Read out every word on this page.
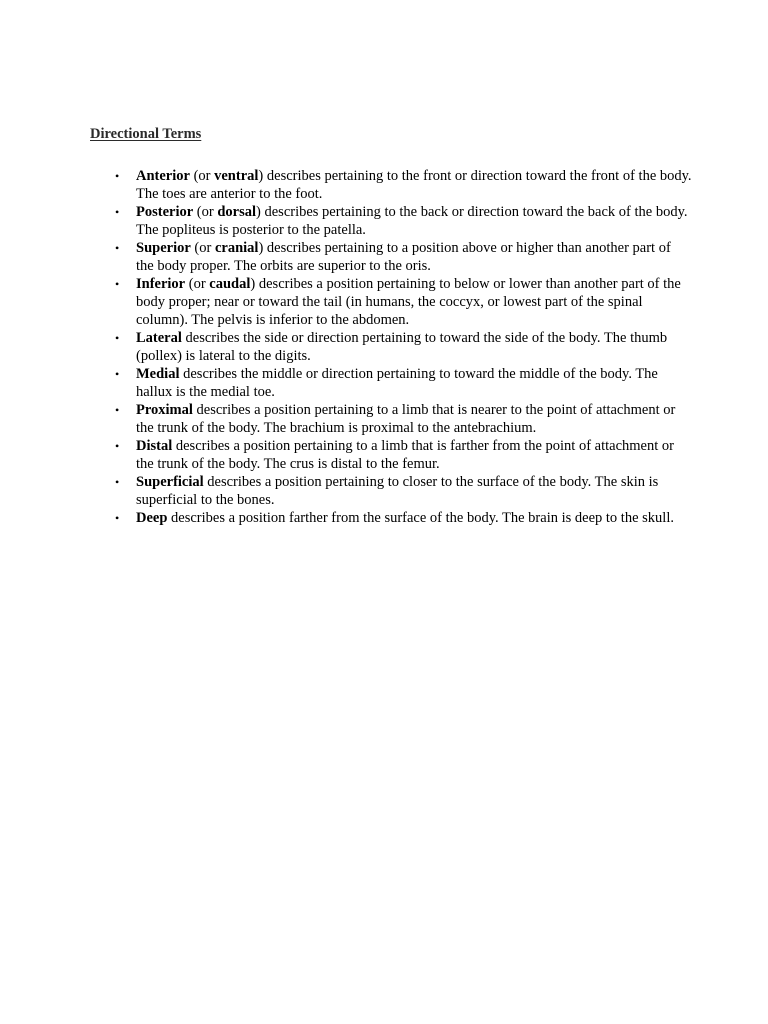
Directional Terms
• Anterior (or ventral) describes pertaining to the front or direction toward the front of the body. The toes are anterior to the foot.
• Posterior (or dorsal) describes pertaining to the back or direction toward the back of the body. The popliteus is posterior to the patella.
• Superior (or cranial) describes pertaining to a position above or higher than another part of the body proper. The orbits are superior to the oris.
• Inferior (or caudal) describes a position pertaining to below or lower than another part of the body proper; near or toward the tail (in humans, the coccyx, or lowest part of the spinal column). The pelvis is inferior to the abdomen.
• Lateral describes the side or direction pertaining to toward the side of the body. The thumb (pollex) is lateral to the digits.
• Medial describes the middle or direction pertaining to toward the middle of the body. The hallux is the medial toe.
• Proximal describes a position pertaining to a limb that is nearer to the point of attachment or the trunk of the body. The brachium is proximal to the antebrachium.
• Distal describes a position pertaining to a limb that is farther from the point of attachment or the trunk of the body. The crus is distal to the femur.
• Superficial describes a position pertaining to closer to the surface of the body. The skin is superficial to the bones.
• Deep describes a position farther from the surface of the body. The brain is deep to the skull.
